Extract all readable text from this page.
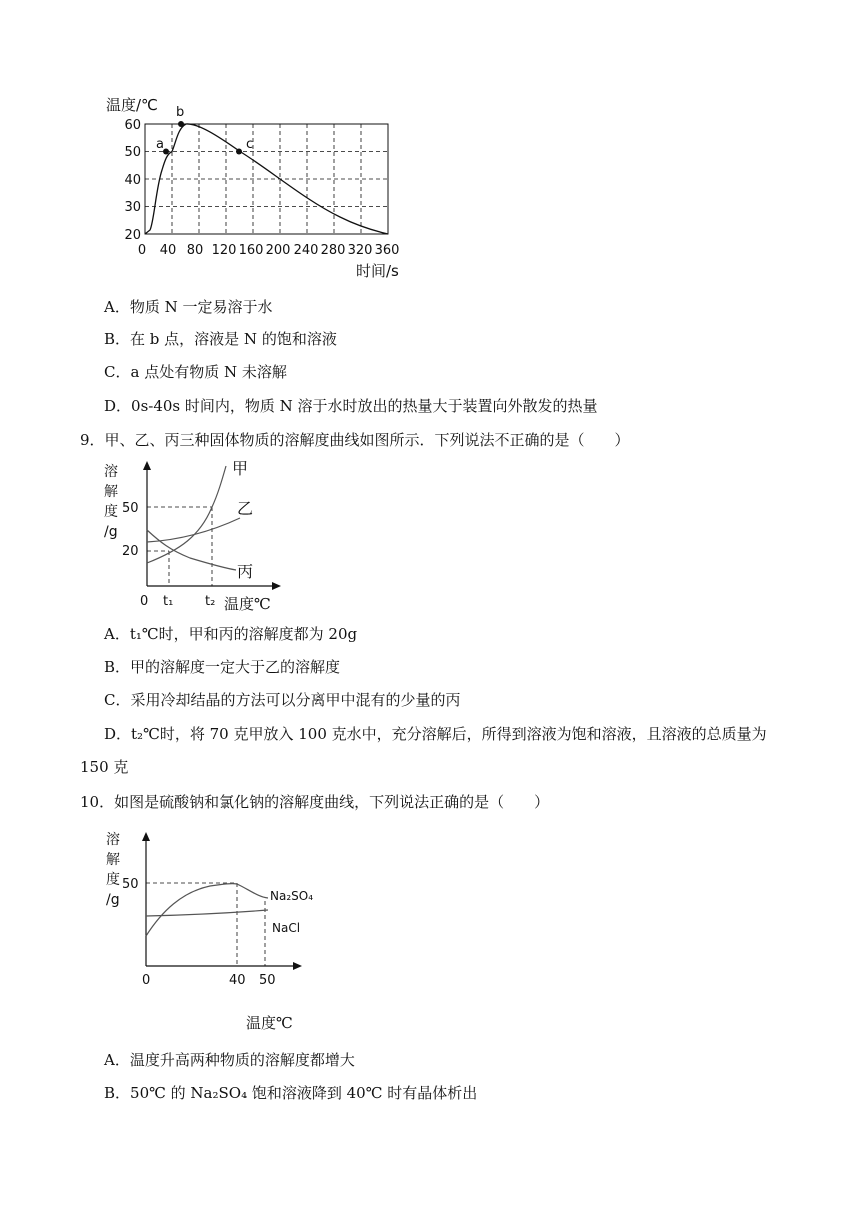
温度/℃
a
b
c
60
50
40
30
20
0 40 80 120 160 200 240 280 320 360
时间/s
A．物质 N 一定易溶于水
B．在 b 点，溶液是 N 的饱和溶液
C．a 点处有物质 N 未溶解
D．0s-40s 时间内，物质 N 溶于水时放出的热量大于装置向外散发的热量
9．甲、乙、丙三种固体物质的溶解度曲线如图所示．下列说法不正确的是（　　）
溶
解
度
/g
50
20
0 t₁ t₂ 温度℃
甲
乙
丙
A．t₁℃时，甲和丙的溶解度都为 20g
B．甲的溶解度一定大于乙的溶解度
C．采用冷却结晶的方法可以分离甲中混有的少量的丙
D．t₂℃时，将 70 克甲放入 100 克水中，充分溶解后，所得到溶液为饱和溶液，且溶液的总质量为
150 克
10．如图是硫酸钠和氯化钠的溶解度曲线，下列说法正确的是（　　）
溶
解
度
/g
50
0	40 50
温度℃
Na₂SO₄
NaCl
A．温度升高两种物质的溶解度都增大
B．50℃ 的 Na₂SO₄ 饱和溶液降到 40℃ 时有晶体析出
